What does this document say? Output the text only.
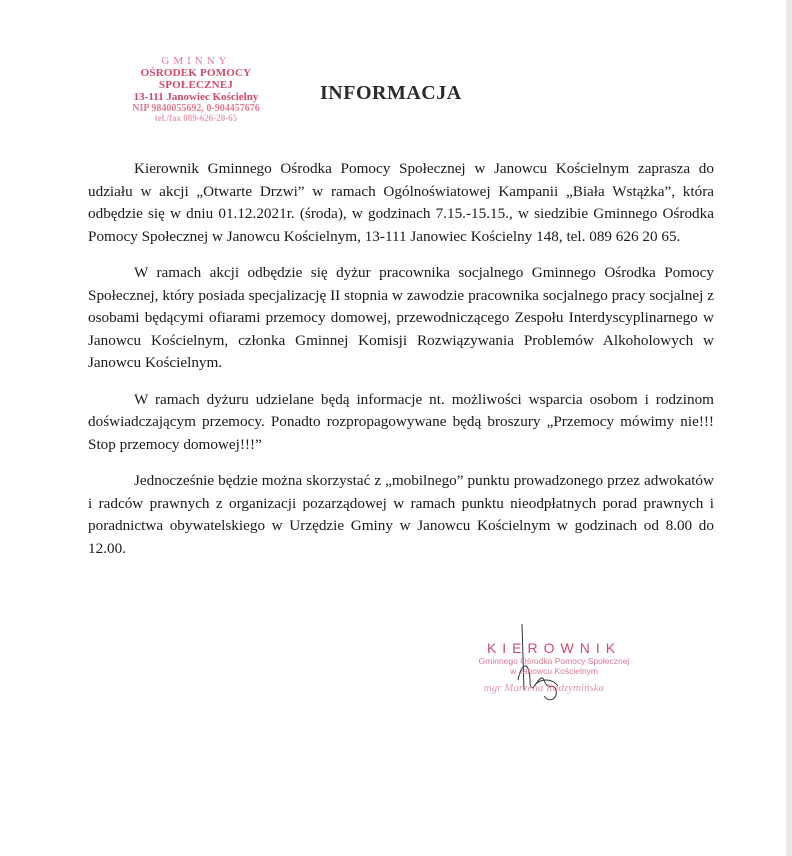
GMINNY
OŚRODEK POMOCY SPOŁECZNEJ
13-111 Janowiec Kościelny
NIP 9840055692, 0-904457676
tel./fax 089-626-20-65
INFORMACJA

Kierownik Gminnego Ośrodka Pomocy Społecznej w Janowcu Kościelnym zaprasza do udziału w akcji „Otwarte Drzwi” w ramach Ogólnoświatowej Kampanii „Biała Wstążka”, która odbędzie się w dniu 01.12.2021r. (środa), w godzinach 7.15.-15.15., w siedzibie Gminnego Ośrodka Pomocy Społecznej w Janowcu Kościelnym, 13-111 Janowiec Kościelny 148, tel. 089 626 20 65.

W ramach akcji odbędzie się dyżur pracownika socjalnego Gminnego Ośrodka Pomocy Społecznej, który posiada specjalizację II stopnia w zawodzie pracownika socjalnego pracy socjalnej z osobami będącymi ofiarami przemocy domowej, przewodniczącego Zespołu Interdyscyplinarnego w Janowcu Kościelnym, członka Gminnej Komisji Rozwiązywania Problemów Alkoholowych w Janowcu Kościelnym.

W ramach dyżuru udzielane będą informacje nt. możliwości wsparcia osobom i rodzinom doświadczającym przemocy. Ponadto rozpropagowywane będą broszury „Przemocy mówimy nie!!! Stop przemocy domowej!!!”

Jednocześnie będzie można skorzystać z „mobilnego” punktu prowadzonego przez adwokatów i radców prawnych z organizacji pozarządowej w ramach punktu nieodpłatnych porad prawnych i poradnictwa obywatelskiego w Urzędzie Gminy w Janowcu Kościelnym w godzinach od 8.00 do 12.00.

KIEROWNIK
Gminnego Ośrodka Pomocy Społecznej
w Janowcu Kościelnym
mgr Marzena Radzymińska
